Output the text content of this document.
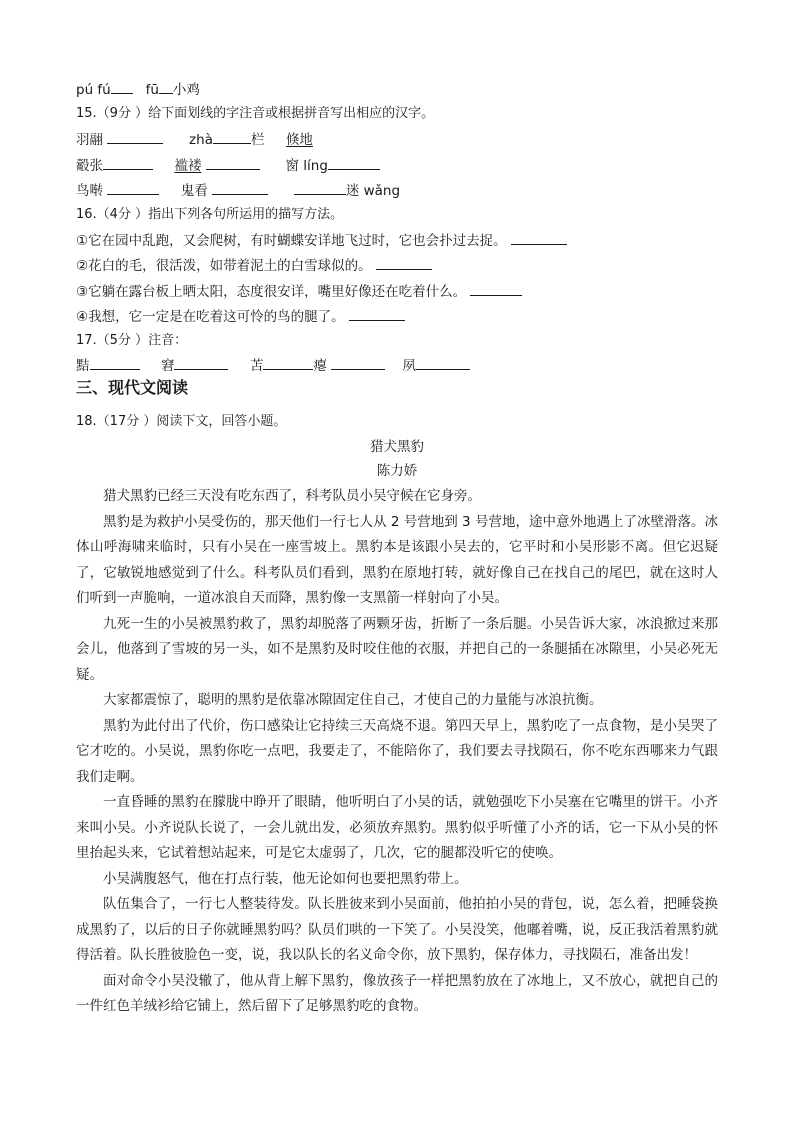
pú fú	fū 小鸡
15.（9分 ）给下面划线的字注音或根据拼音写出相应的汉字。
羽翮	zhà	栏 倏地
觳张	褴褛	窗 líng
鸟啭	鬼看	迷 wǎng
16.（4分 ）指出下列各句所运用的描写方法。
①它在园中乱跑，又会爬树，有时蝴蝶安详地飞过时，它也会扑过去捉。
②花白的毛，很活泼，如带着泥土的白雪球似的。
③它躺在露台板上晒太阳，态度很安详，嘴里好像还在吃着什么。
④我想，它一定是在吃着这可怜的鸟的腿了。
17.（5分 ）注音：
黠	窘	苫	瘪	夙
三、现代文阅读
18.（17分 ）阅读下文，回答小题。
猎犬黑豹
陈力娇
猎犬黑豹已经三天没有吃东西了，科考队员小吴守候在它身旁。
黑豹是为救护小吴受伤的，那天他们一行七人从 2 号营地到 3 号营地，途中意外地遇上了冰壁滑落。冰体山呼海啸来临时，只有小吴在一座雪坡上。黑豹本是该跟小吴去的，它平时和小吴形影不离。但它迟疑了，它敏锐地感觉到了什么。科考队员们看到，黑豹在原地打转，就好像自己在找自己的尾巴，就在这时人们听到一声脆响，一道冰浪自天而降，黑豹像一支黑箭一样射向了小吴。
九死一生的小吴被黑豹救了，黑豹却脱落了两颗牙齿，折断了一条后腿。小吴告诉大家，冰浪掀过来那会儿，他落到了雪坡的另一头，如不是黑豹及时咬住他的衣服，并把自己的一条腿插在冰隙里，小吴必死无疑。
大家都震惊了，聪明的黑豹是依靠冰隙固定住自己，才使自己的力量能与冰浪抗衡。
黑豹为此付出了代价，伤口感染让它持续三天高烧不退。第四天早上，黑豹吃了一点食物，是小吴哭了它才吃的。小吴说，黑豹你吃一点吧，我要走了，不能陪你了，我们要去寻找陨石，你不吃东西哪来力气跟我们走啊。
一直昏睡的黑豹在朦胧中睁开了眼睛，他听明白了小吴的话，就勉强吃下小吴塞在它嘴里的饼干。小齐来叫小吴。小齐说队长说了，一会儿就出发，必须放弃黑豹。黑豹似乎听懂了小齐的话，它一下从小吴的怀里抬起头来，它试着想站起来，可是它太虚弱了，几次，它的腿都没听它的使唤。
小吴满腹怒气，他在打点行装，他无论如何也要把黑豹带上。
队伍集合了，一行七人整装待发。队长胜彼来到小吴面前，他拍拍小吴的背包，说，怎么着，把睡袋换成黑豹了，以后的日子你就睡黑豹吗？队员们哄的一下笑了。小吴没笑，他嘟着嘴，说，反正我活着黑豹就得活着。队长胜彼脸色一变，说，我以队长的名义命令你，放下黑豹，保存体力，寻找陨石，准备出发！
面对命令小吴没辙了，他从背上解下黑豹，像放孩子一样把黑豹放在了冰地上，又不放心，就把自己的一件红色羊绒衫给它铺上，然后留下了足够黑豹吃的食物。
